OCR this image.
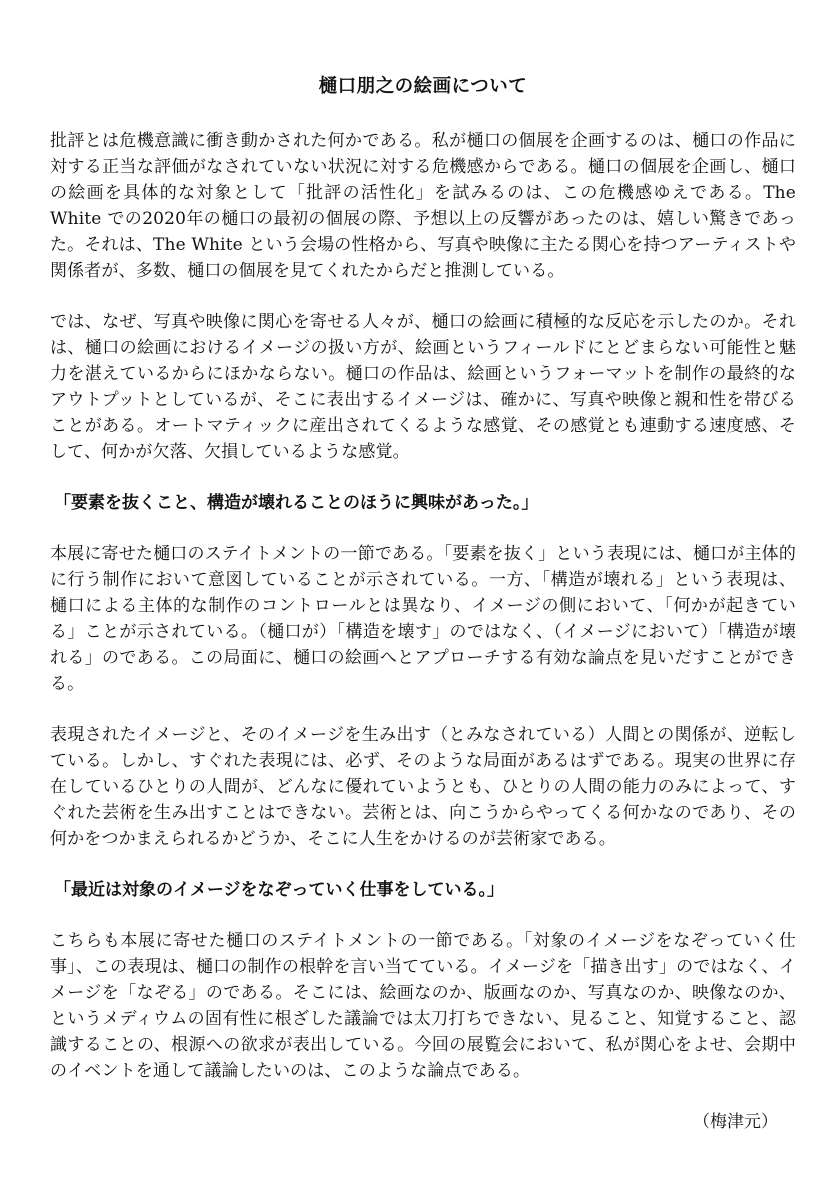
樋口朋之の絵画について

批評とは危機意識に衝き動かされた何かである。私が樋口の個展を企画するのは、樋口の作品に対する正当な評価がなされていない状況に対する危機感からである。樋口の個展を企画し、樋口の絵画を具体的な対象として「批評の活性化」を試みるのは、この危機感ゆえである。The White での2020年の樋口の最初の個展の際、予想以上の反響があったのは、嬉しい驚きであった。それは、The White という会場の性格から、写真や映像に主たる関心を持つアーティストや関係者が、多数、樋口の個展を見てくれたからだと推測している。

では、なぜ、写真や映像に関心を寄せる人々が、樋口の絵画に積極的な反応を示したのか。それは、樋口の絵画におけるイメージの扱い方が、絵画というフィールドにとどまらない可能性と魅力を湛えているからにほかならない。樋口の作品は、絵画というフォーマットを制作の最終的なアウトプットとしているが、そこに表出するイメージは、確かに、写真や映像と親和性を帯びることがある。オートマティックに産出されてくるような感覚、その感覚とも連動する速度感、そして、何かが欠落、欠損しているような感覚。

「要素を抜くこと、構造が壊れることのほうに興味があった。」

本展に寄せた樋口のステイトメントの一節である。「要素を抜く」という表現には、樋口が主体的に行う制作において意図していることが示されている。一方、「構造が壊れる」という表現は、樋口による主体的な制作のコントロールとは異なり、イメージの側において、「何かが起きている」ことが示されている。（樋口が）「構造を壊す」のではなく、（イメージにおいて）「構造が壊れる」のである。この局面に、樋口の絵画へとアプローチする有効な論点を見いだすことができる。

表現されたイメージと、そのイメージを生み出す（とみなされている）人間との関係が、逆転している。しかし、すぐれた表現には、必ず、そのような局面があるはずである。現実の世界に存在しているひとりの人間が、どんなに優れていようとも、ひとりの人間の能力のみによって、すぐれた芸術を生み出すことはできない。芸術とは、向こうからやってくる何かなのであり、その何かをつかまえられるかどうか、そこに人生をかけるのが芸術家である。

「最近は対象のイメージをなぞっていく仕事をしている。」

こちらも本展に寄せた樋口のステイトメントの一節である。「対象のイメージをなぞっていく仕事」、この表現は、樋口の制作の根幹を言い当てている。イメージを「描き出す」のではなく、イメージを「なぞる」のである。そこには、絵画なのか、版画なのか、写真なのか、映像なのか、というメディウムの固有性に根ざした議論では太刀打ちできない、見ること、知覚すること、認識することの、根源への欲求が表出している。今回の展覧会において、私が関心をよせ、会期中のイベントを通して議論したいのは、このような論点である。

（梅津元）
